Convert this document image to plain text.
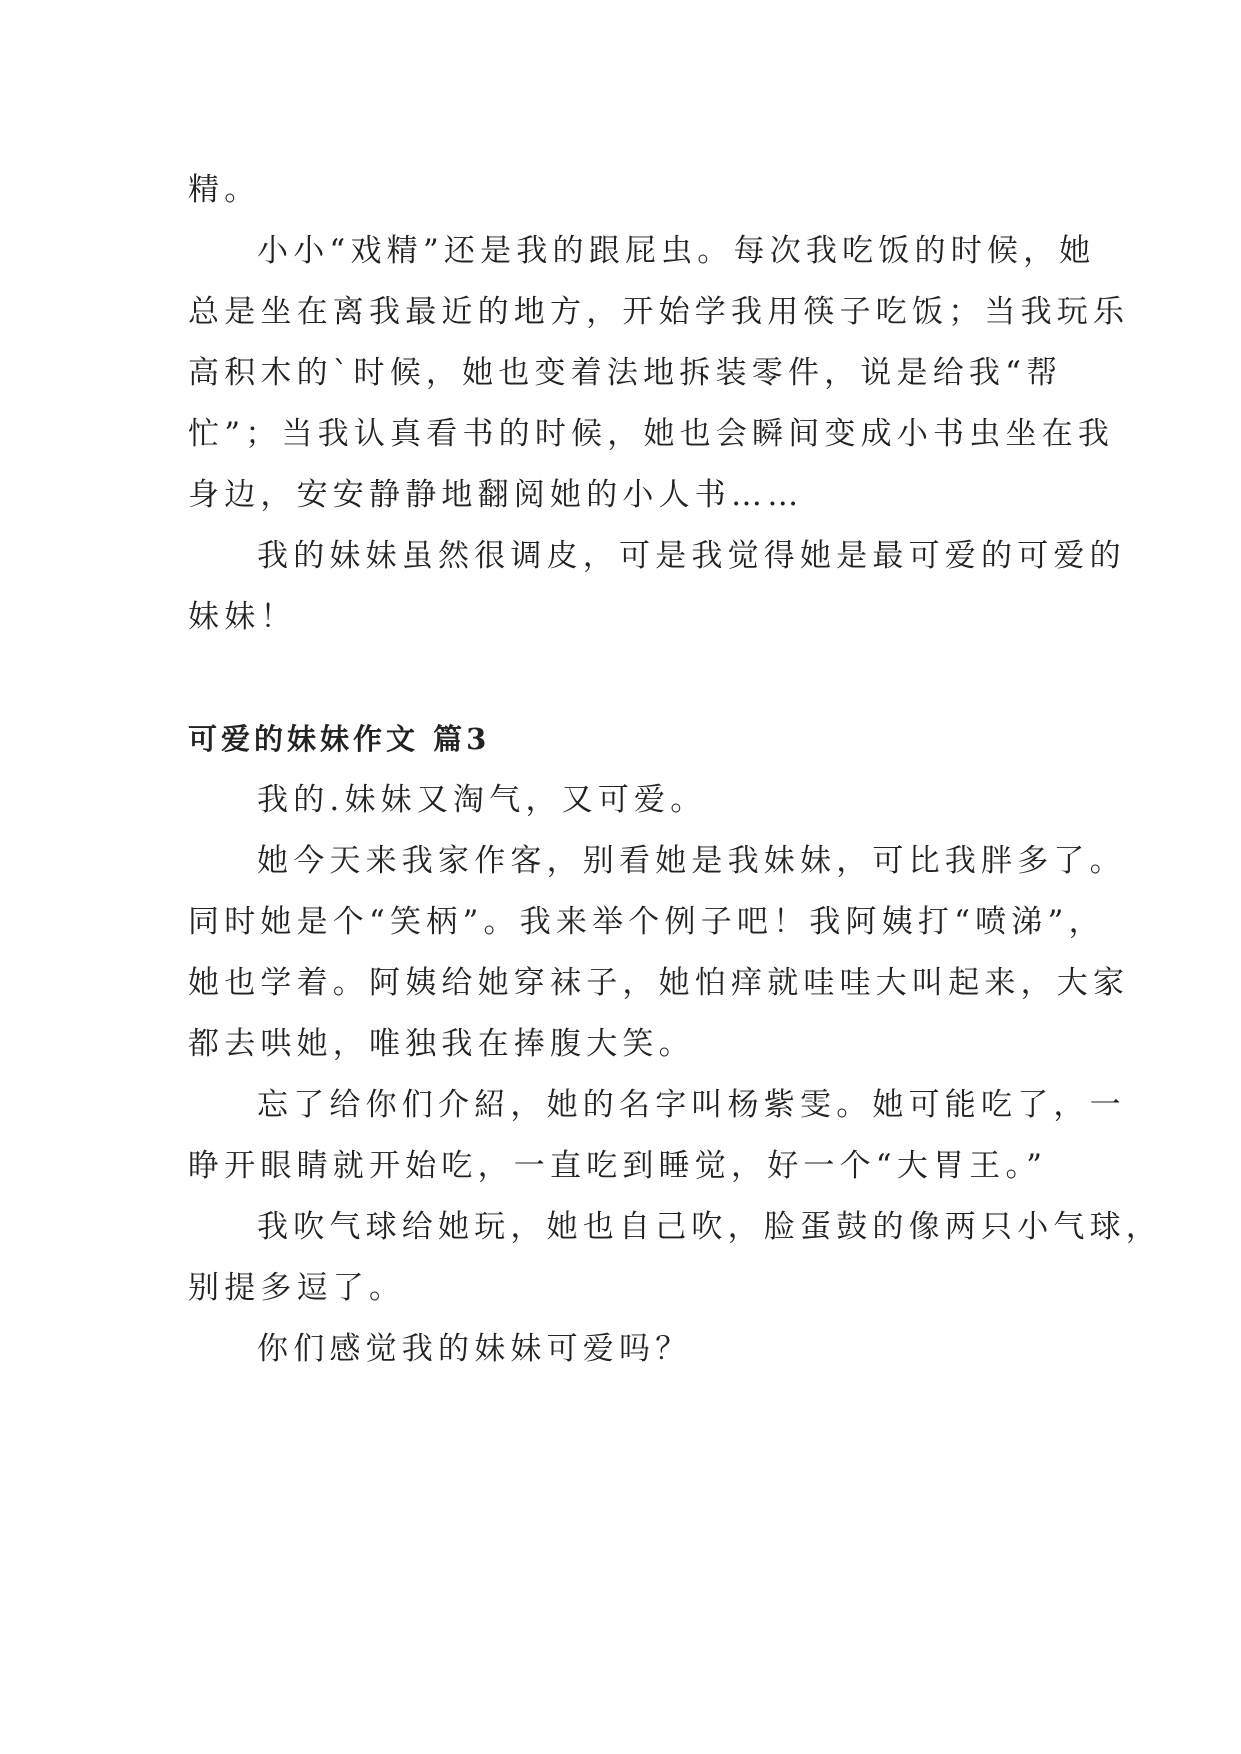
精。

小小“戏精”还是我的跟屁虫。每次我吃饭的时候，她
总是坐在离我最近的地方，开始学我用筷子吃饭；当我玩乐
高积木的`时候，她也变着法地拆装零件，说是给我“帮
忙”；当我认真看书的时候，她也会瞬间变成小书虫坐在我
身边，安安静静地翻阅她的小人书……

我的妹妹虽然很调皮，可是我觉得她是最可爱的可爱的
妹妹！

可爱的妹妹作文 篇3

我的.妹妹又淘气，又可爱。

她今天来我家作客，别看她是我妹妹，可比我胖多了。
同时她是个“笑柄”。我来举个例子吧！我阿姨打“喷涕”，
她也学着。阿姨给她穿袜子，她怕痒就哇哇大叫起来，大家
都去哄她，唯独我在捧腹大笑。

忘了给你们介紹，她的名字叫杨紫雯。她可能吃了，一
睁开眼睛就开始吃，一直吃到睡觉，好一个“大胃王。”

我吹气球给她玩，她也自己吹，脸蛋鼓的像两只小气球，
别提多逗了。

你们感觉我的妹妹可爱吗？
